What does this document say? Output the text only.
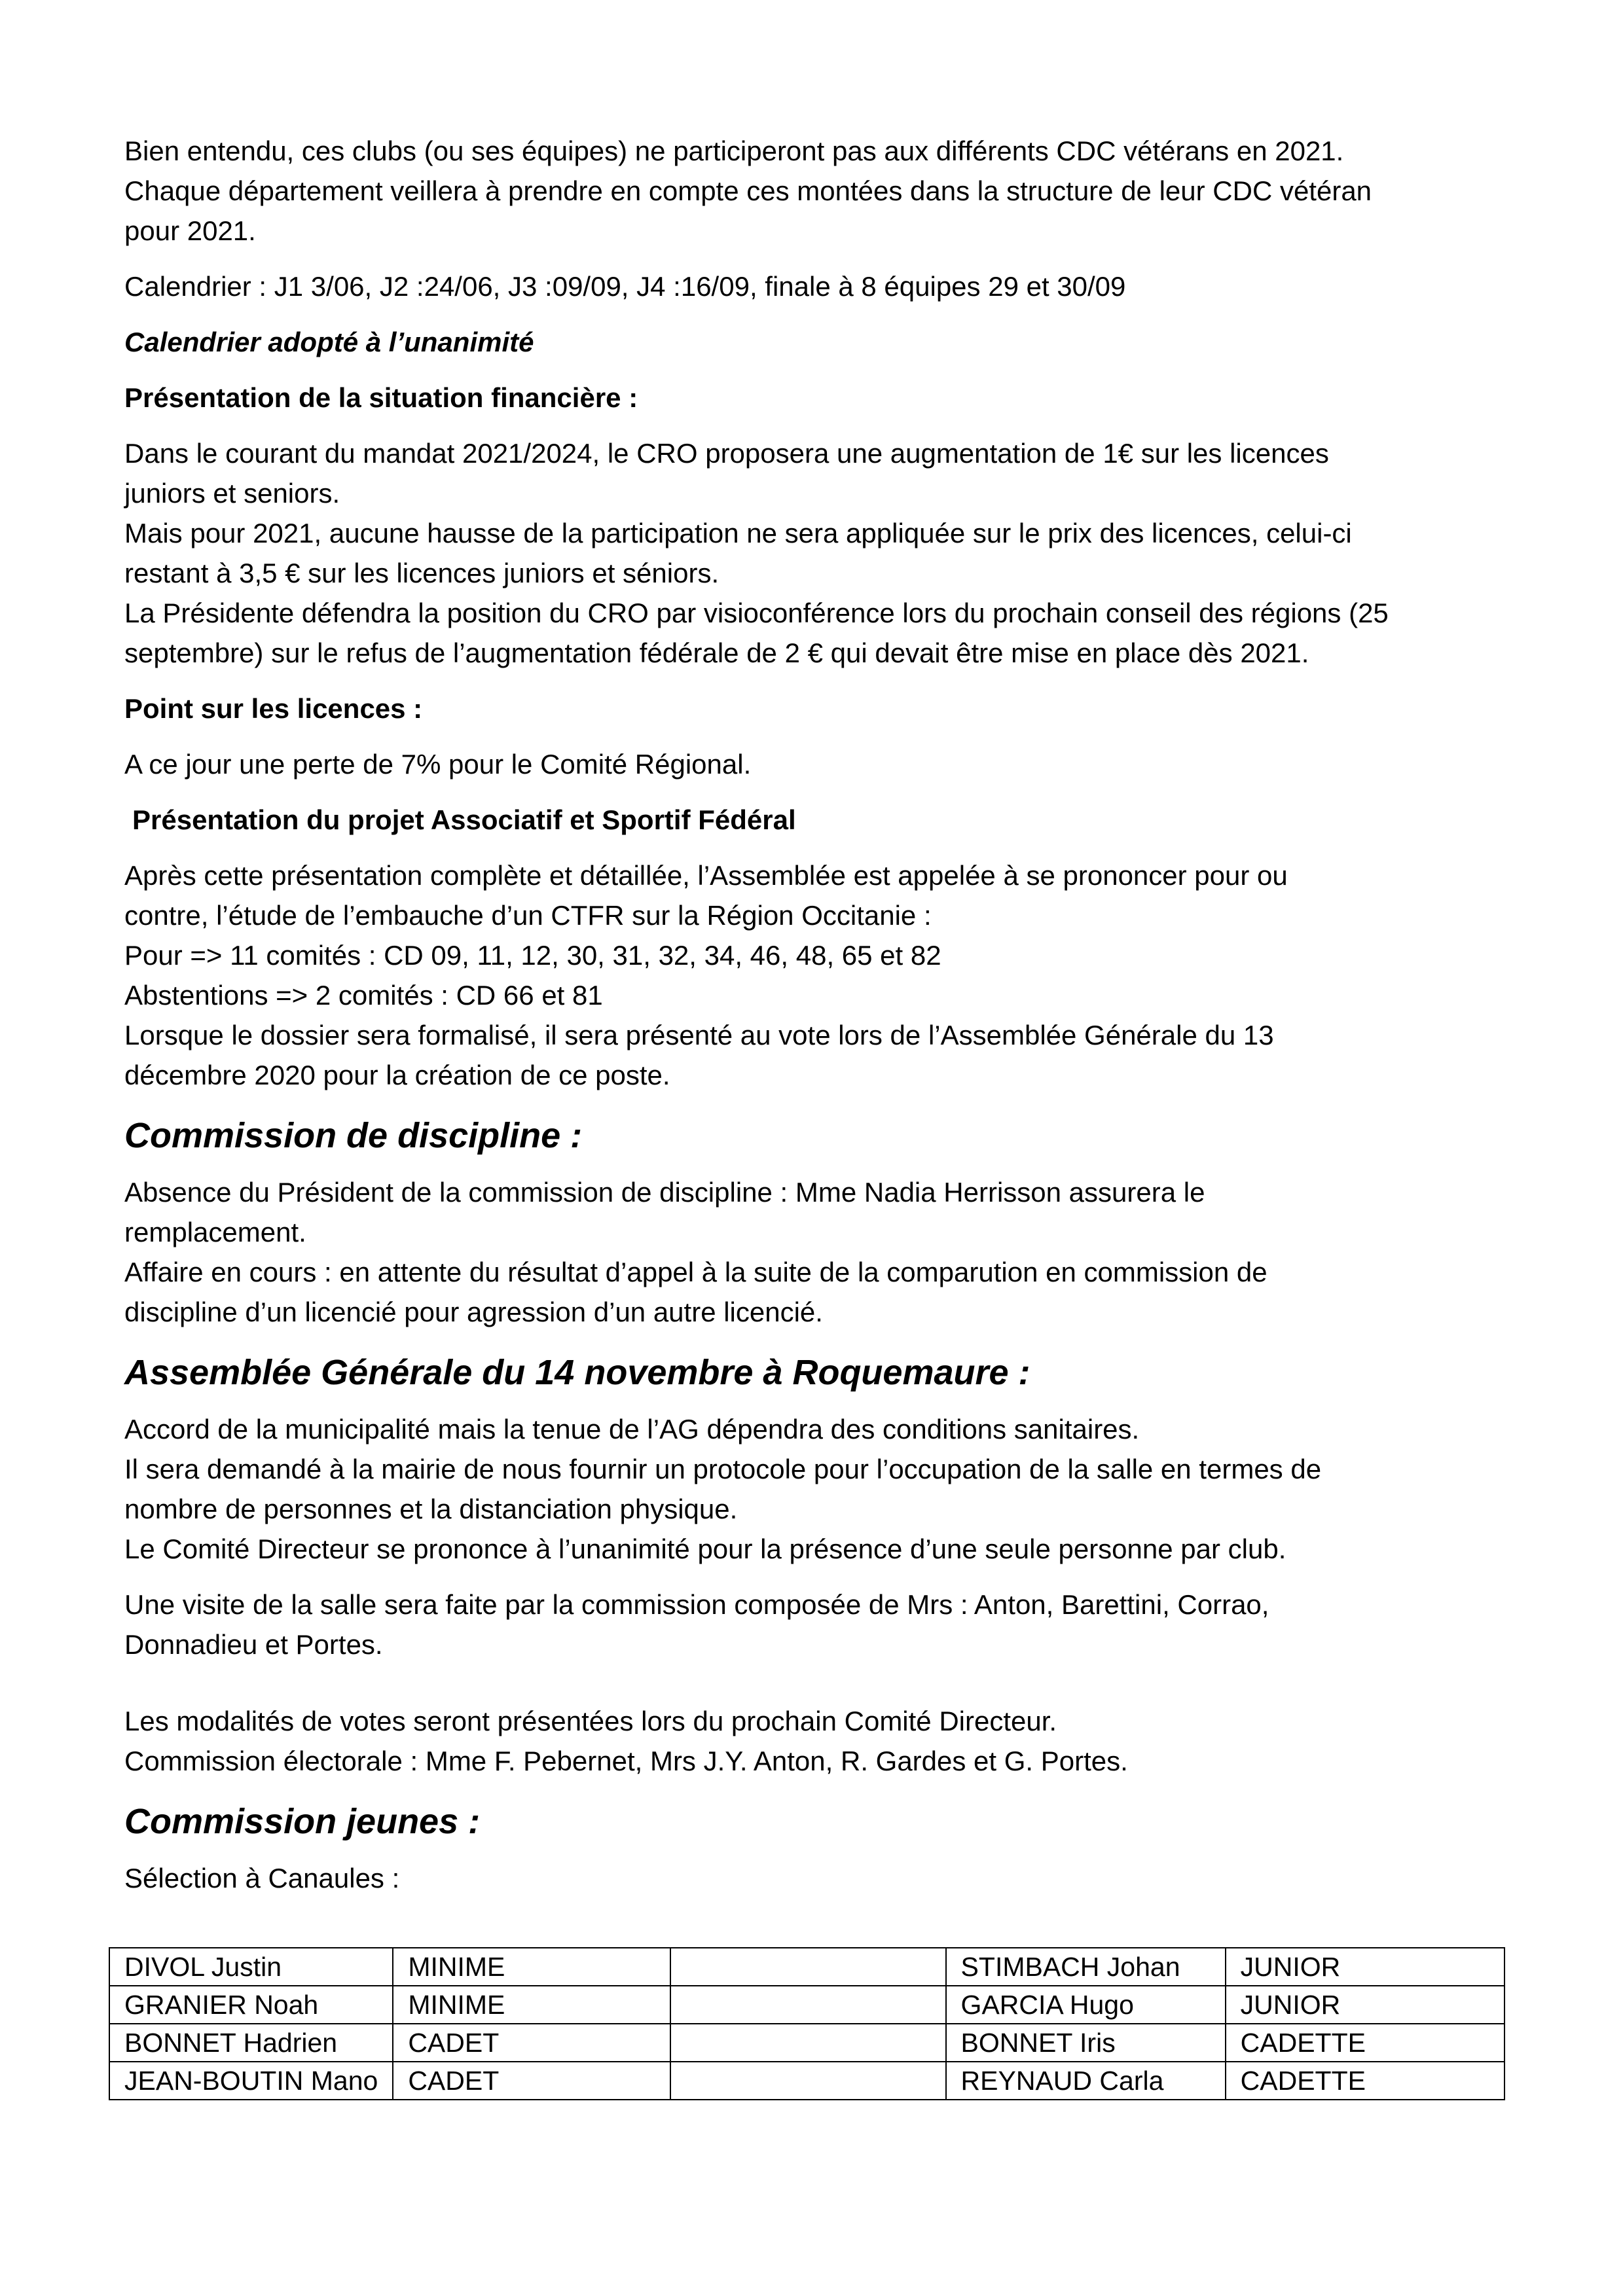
Bien entendu, ces clubs (ou ses équipes) ne participeront pas aux différents CDC vétérans en 2021.
Chaque département veillera à prendre en compte ces montées dans la structure de leur CDC vétéran
pour 2021.

Calendrier : J1 3/06, J2 :24/06, J3 :09/09, J4 :16/09, finale à 8 équipes 29 et 30/09

Calendrier adopté à l’unanimité

Présentation de la situation financière :

Dans le courant du mandat 2021/2024, le CRO proposera une augmentation de 1€ sur les licences
juniors et seniors.
Mais pour 2021, aucune hausse de la participation ne sera appliquée sur le prix des licences, celui-ci
restant à 3,5 € sur les licences juniors et séniors.
La Présidente défendra la position du CRO par visioconférence lors du prochain conseil des régions (25
septembre) sur le refus de l’augmentation fédérale de 2 € qui devait être mise en place dès 2021.

Point sur les licences :

A ce jour une perte de 7% pour le Comité Régional.

Présentation du projet Associatif et Sportif Fédéral

Après cette présentation complète et détaillée, l’Assemblée est appelée à se prononcer pour ou
contre, l’étude de l’embauche d’un CTFR sur la Région Occitanie :
Pour => 11 comités : CD 09, 11, 12, 30, 31, 32, 34, 46, 48, 65 et 82
Abstentions => 2 comités : CD 66 et 81
Lorsque le dossier sera formalisé, il sera présenté au vote lors de l’Assemblée Générale du 13
décembre 2020 pour la création de ce poste.

Commission de discipline :

Absence du Président de la commission de discipline : Mme Nadia Herrisson assurera le
remplacement.
Affaire en cours : en attente du résultat d’appel à la suite de la comparution en commission de
discipline d’un licencié pour agression d’un autre licencié.

Assemblée Générale du 14 novembre à Roquemaure :

Accord de la municipalité mais la tenue de l’AG dépendra des conditions sanitaires.
Il sera demandé à la mairie de nous fournir un protocole pour l’occupation de la salle en termes de
nombre de personnes et la distanciation physique.
Le Comité Directeur se prononce à l’unanimité pour la présence d’une seule personne par club.

Une visite de la salle sera faite par la commission composée de Mrs : Anton, Barettini, Corrao,
Donnadieu et Portes.

Les modalités de votes seront présentées lors du prochain Comité Directeur.
Commission électorale : Mme F. Pebernet, Mrs J.Y. Anton, R. Gardes et G. Portes.

Commission jeunes :

Sélection à Canaules :

DIVOL Justin	MINIME		STIMBACH Johan	JUNIOR
GRANIER Noah	MINIME		GARCIA Hugo	JUNIOR
BONNET Hadrien	CADET		BONNET Iris	CADETTE
JEAN-BOUTIN Mano	CADET		REYNAUD Carla	CADETTE
